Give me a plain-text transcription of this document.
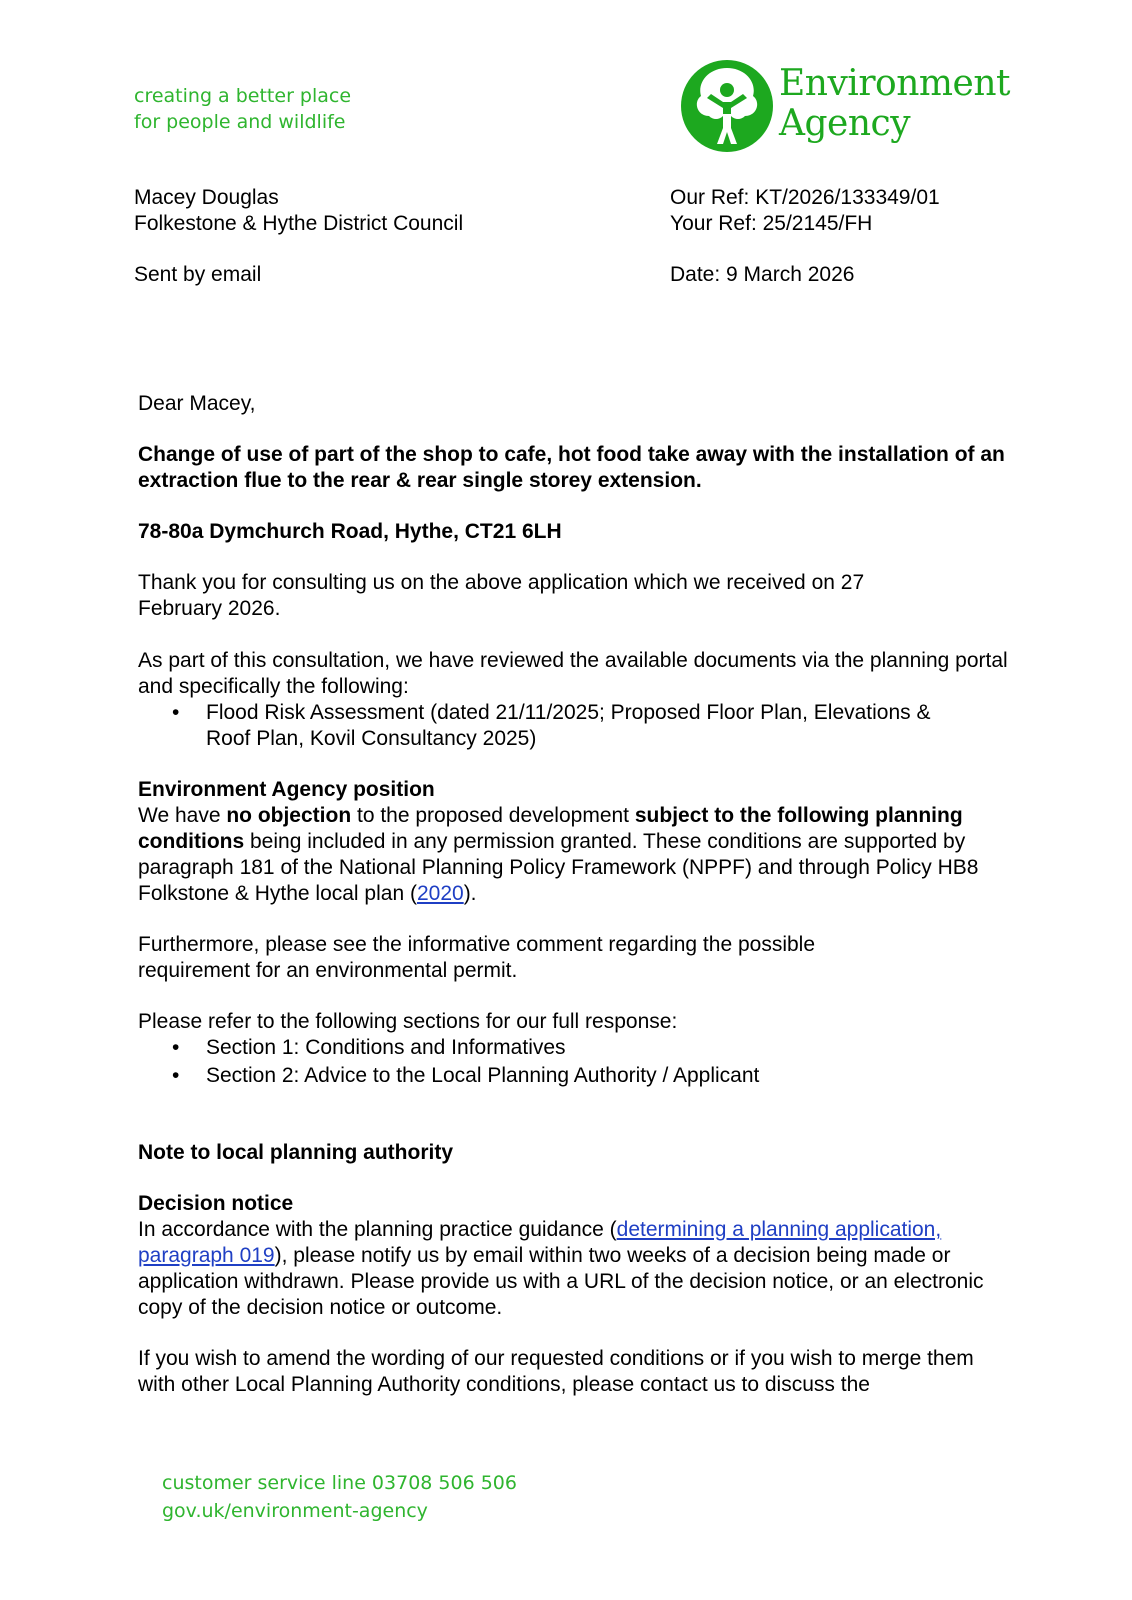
creating a better place
for people and wildlife
Environment
Agency
Macey Douglas
Folkestone & Hythe District Council
Sent by email
Our Ref: KT/2026/133349/01
Your Ref: 25/2145/FH
Date: 9 March 2026
Dear Macey,
Change of use of part of the shop to cafe, hot food take away with the installation of an extraction flue to the rear & rear single storey extension.
78-80a Dymchurch Road, Hythe, CT21 6LH
Thank you for consulting us on the above application which we received on 27 February 2026.
As part of this consultation, we have reviewed the available documents via the planning portal and specifically the following:
• Flood Risk Assessment (dated 21/11/2025; Proposed Floor Plan, Elevations & Roof Plan, Kovil Consultancy 2025)
Environment Agency position
We have no objection to the proposed development subject to the following planning conditions being included in any permission granted. These conditions are supported by paragraph 181 of the National Planning Policy Framework (NPPF) and through Policy HB8 Folkstone & Hythe local plan (2020).
Furthermore, please see the informative comment regarding the possible requirement for an environmental permit.
Please refer to the following sections for our full response:
• Section 1: Conditions and Informatives
• Section 2: Advice to the Local Planning Authority / Applicant
Note to local planning authority
Decision notice
In accordance with the planning practice guidance (determining a planning application, paragraph 019), please notify us by email within two weeks of a decision being made or application withdrawn. Please provide us with a URL of the decision notice, or an electronic copy of the decision notice or outcome.
If you wish to amend the wording of our requested conditions or if you wish to merge them with other Local Planning Authority conditions, please contact us to discuss the
customer service line 03708 506 506
gov.uk/environment-agency
